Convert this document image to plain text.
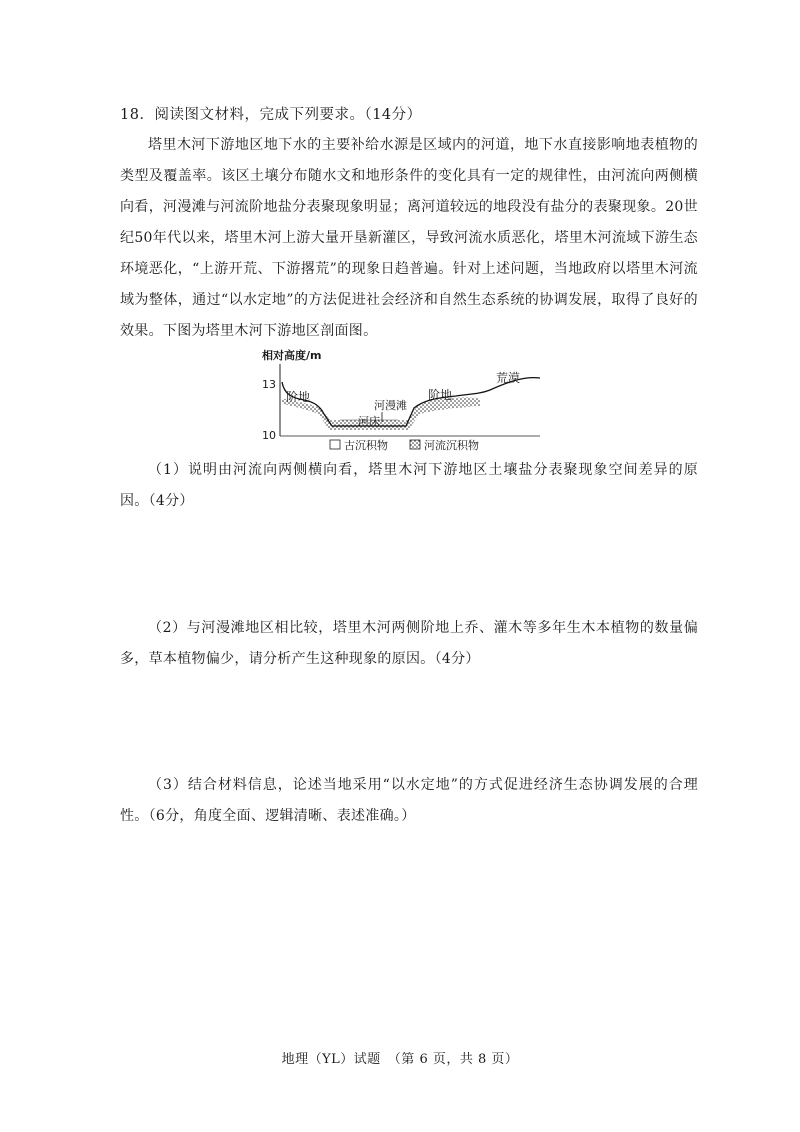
18．阅读图文材料，完成下列要求。（14分）

塔里木河下游地区地下水的主要补给水源是区域内的河道，地下水直接影响地表植物的类型及覆盖率。该区土壤分布随水文和地形条件的变化具有一定的规律性，由河流向两侧横向看，河漫滩与河流阶地盐分表聚现象明显；离河道较远的地段没有盐分的表聚现象。20世纪50年代以来，塔里木河上游大量开垦新灌区，导致河流水质恶化，塔里木河流域下游生态环境恶化，“上游开荒、下游撂荒”的现象日趋普遍。针对上述问题，当地政府以塔里木河流域为整体，通过“以水定地”的方法促进社会经济和自然生态系统的协调发展，取得了良好的效果。下图为塔里木河下游地区剖面图。

相对高度/m
13
10
阶地
河漫滩
河床
阶地
荒漠
古沉积物	河流沉积物

（1）说明由河流向两侧横向看，塔里木河下游地区土壤盐分表聚现象空间差异的原因。（4分）

（2）与河漫滩地区相比较，塔里木河两侧阶地上乔、灌木等多年生木本植物的数量偏多，草本植物偏少，请分析产生这种现象的原因。（4分）

（3）结合材料信息，论述当地采用“以水定地”的方式促进经济生态协调发展的合理性。（6分，角度全面、逻辑清晰、表述准确。）

地理（YL）试题　（第 6 页，共 8 页）
